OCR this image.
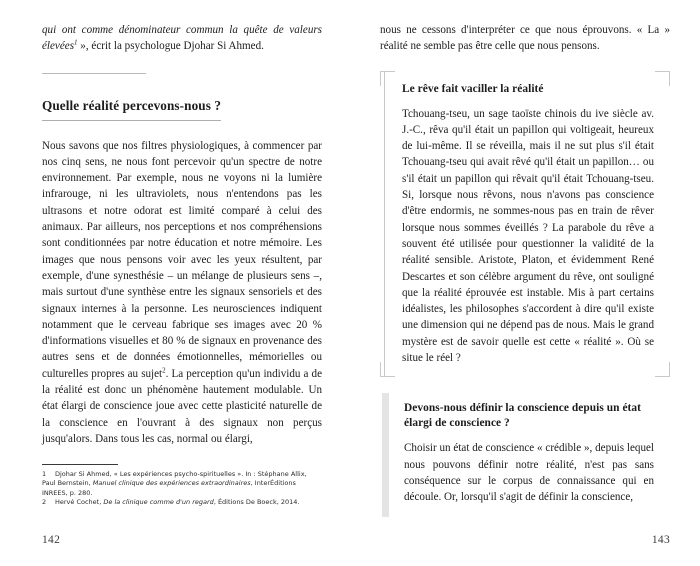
qui ont comme dénominateur commun la quête de valeurs élevées$^1$ », écrit la psychologue Djohar Si Ahmed.

Quelle réalité percevons-nous ?

Nous savons que nos filtres physiologiques, à commencer par nos cinq sens, ne nous font percevoir qu'un spectre de notre environnement. Par exemple, nous ne voyons ni la lumière infrarouge, ni les ultraviolets, nous n'entendons pas les ultrasons et notre odorat est limité comparé à celui des animaux. Par ailleurs, nos perceptions et nos compréhensions sont conditionnées par notre éducation et notre mémoire. Les images que nous pensons voir avec les yeux résultent, par exemple, d'une synesthésie – un mélange de plusieurs sens –, mais surtout d'une synthèse entre les signaux sensoriels et des signaux internes à la personne. Les neurosciences indiquent notamment que le cerveau fabrique ses images avec 20 % d'informations visuelles et 80 % de signaux en provenance des autres sens et de données émotionnelles, mémorielles ou culturelles propres au sujet$^2$. La perception qu'un individu a de la réalité est donc un phénomène hautement modulable. Un état élargi de conscience joue avec cette plasticité naturelle de la conscience en l'ouvrant à des signaux non perçus jusqu'alors. Dans tous les cas, normal ou élargi,

1 Djohar Si Ahmed, « Les expériences psycho-spirituelles ». In : Stéphane Allix, Paul Bernstein, Manuel clinique des expériences extraordinaires, InterÉditions INREES, p. 280.

2 Hervé Cochet, De la clinique comme d'un regard, Éditions De Boeck, 2014.

142

nous ne cessons d'interpréter ce que nous éprouvons. « La » réalité ne semble pas être celle que nous pensons.

Le rêve fait vaciller la réalité

Tchouang-tseu, un sage taoïste chinois du ive siècle av. J.-C., rêva qu'il était un papillon qui voltigeait, heureux de lui-même. Il se réveilla, mais il ne sut plus s'il était Tchouang-tseu qui avait rêvé qu'il était un papillon… ou s'il était un papillon qui rêvait qu'il était Tchouang-tseu. Si, lorsque nous rêvons, nous n'avons pas conscience d'être endormis, ne sommes-nous pas en train de rêver lorsque nous sommes éveillés ? La parabole du rêve a souvent été utilisée pour questionner la validité de la réalité sensible. Aristote, Platon, et évidemment René Descartes et son célèbre argument du rêve, ont souligné que la réalité éprouvée est instable. Mis à part certains idéalistes, les philosophes s'accordent à dire qu'il existe une dimension qui ne dépend pas de nous. Mais le grand mystère est de savoir quelle est cette « réalité ». Où se situe le réel ?

Devons-nous définir la conscience depuis un état élargi de conscience ?

Choisir un état de conscience « crédible », depuis lequel nous pouvons définir notre réalité, n'est pas sans conséquence sur le corpus de connaissance qui en découle. Or, lorsqu'il s'agit de définir la conscience,

143
